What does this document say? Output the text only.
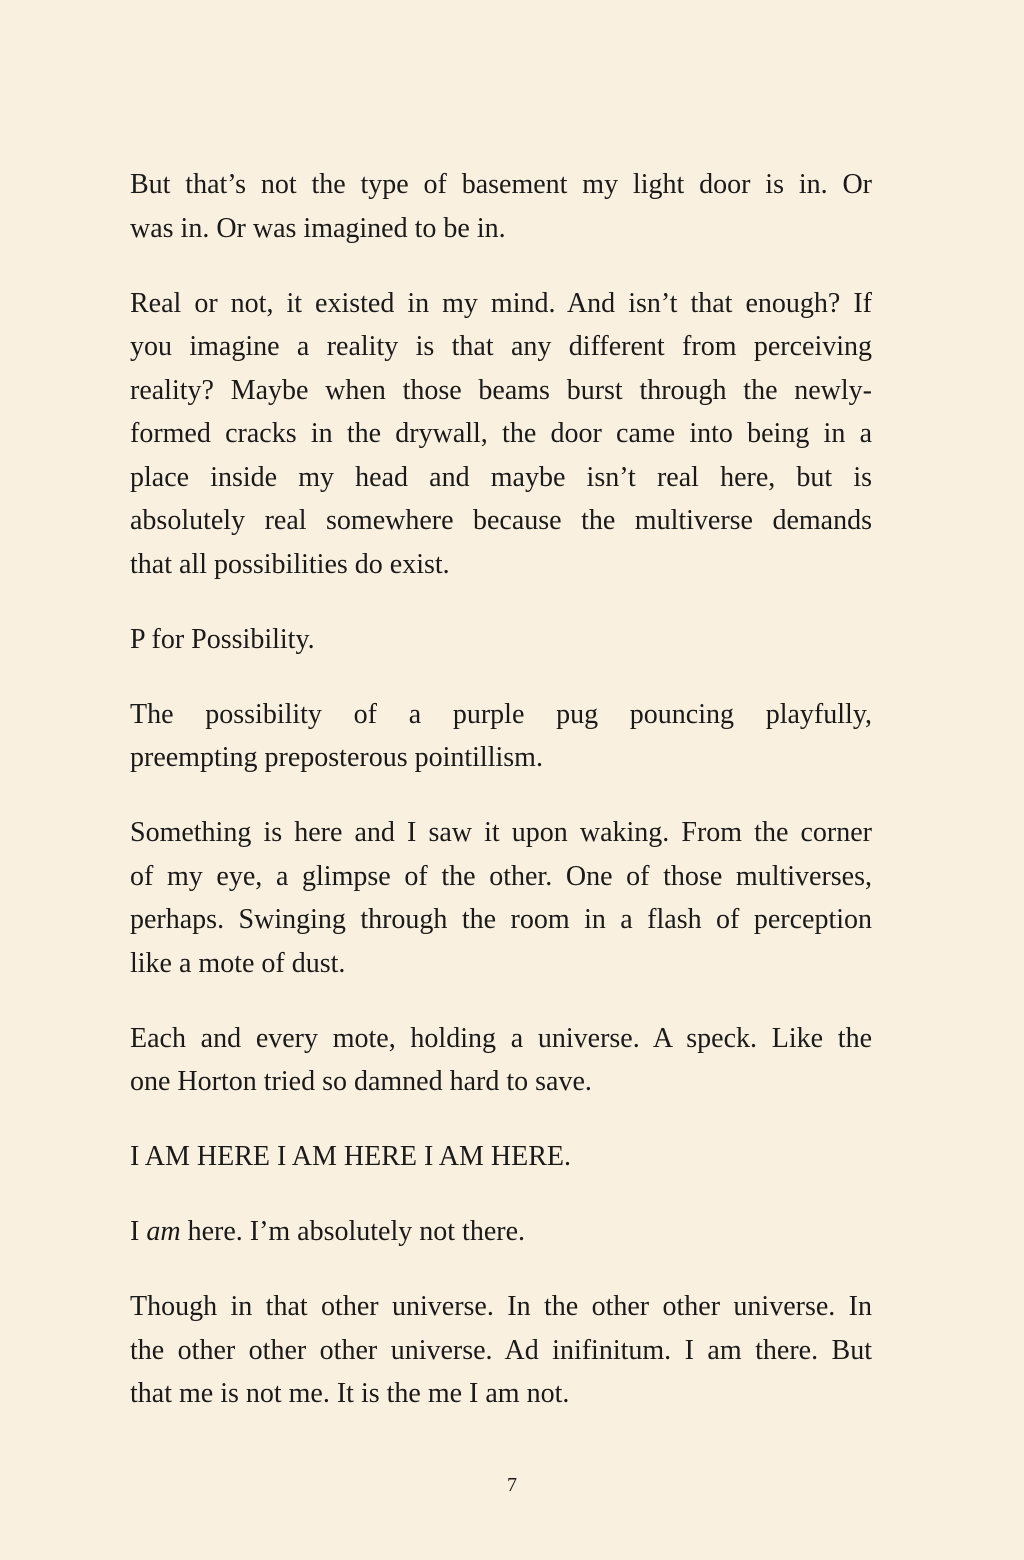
But that’s not the type of basement my light door is in. Or
was in. Or was imagined to be in.

Real or not, it existed in my mind. And isn’t that enough? If
you imagine a reality is that any different from perceiving
reality? Maybe when those beams burst through the newly-
formed cracks in the drywall, the door came into being in a
place inside my head and maybe isn’t real here, but is
absolutely real somewhere because the multiverse demands
that all possibilities do exist.

P for Possibility.

The possibility of a purple pug pouncing playfully,
preempting preposterous pointillism.

Something is here and I saw it upon waking. From the corner
of my eye, a glimpse of the other. One of those multiverses,
perhaps. Swinging through the room in a flash of perception
like a mote of dust.

Each and every mote, holding a universe. A speck. Like the
one Horton tried so damned hard to save.

I AM HERE I AM HERE I AM HERE.

I am here. I’m absolutely not there.

Though in that other universe. In the other other universe. In
the other other other universe. Ad inifinitum. I am there. But
that me is not me. It is the me I am not.

7
